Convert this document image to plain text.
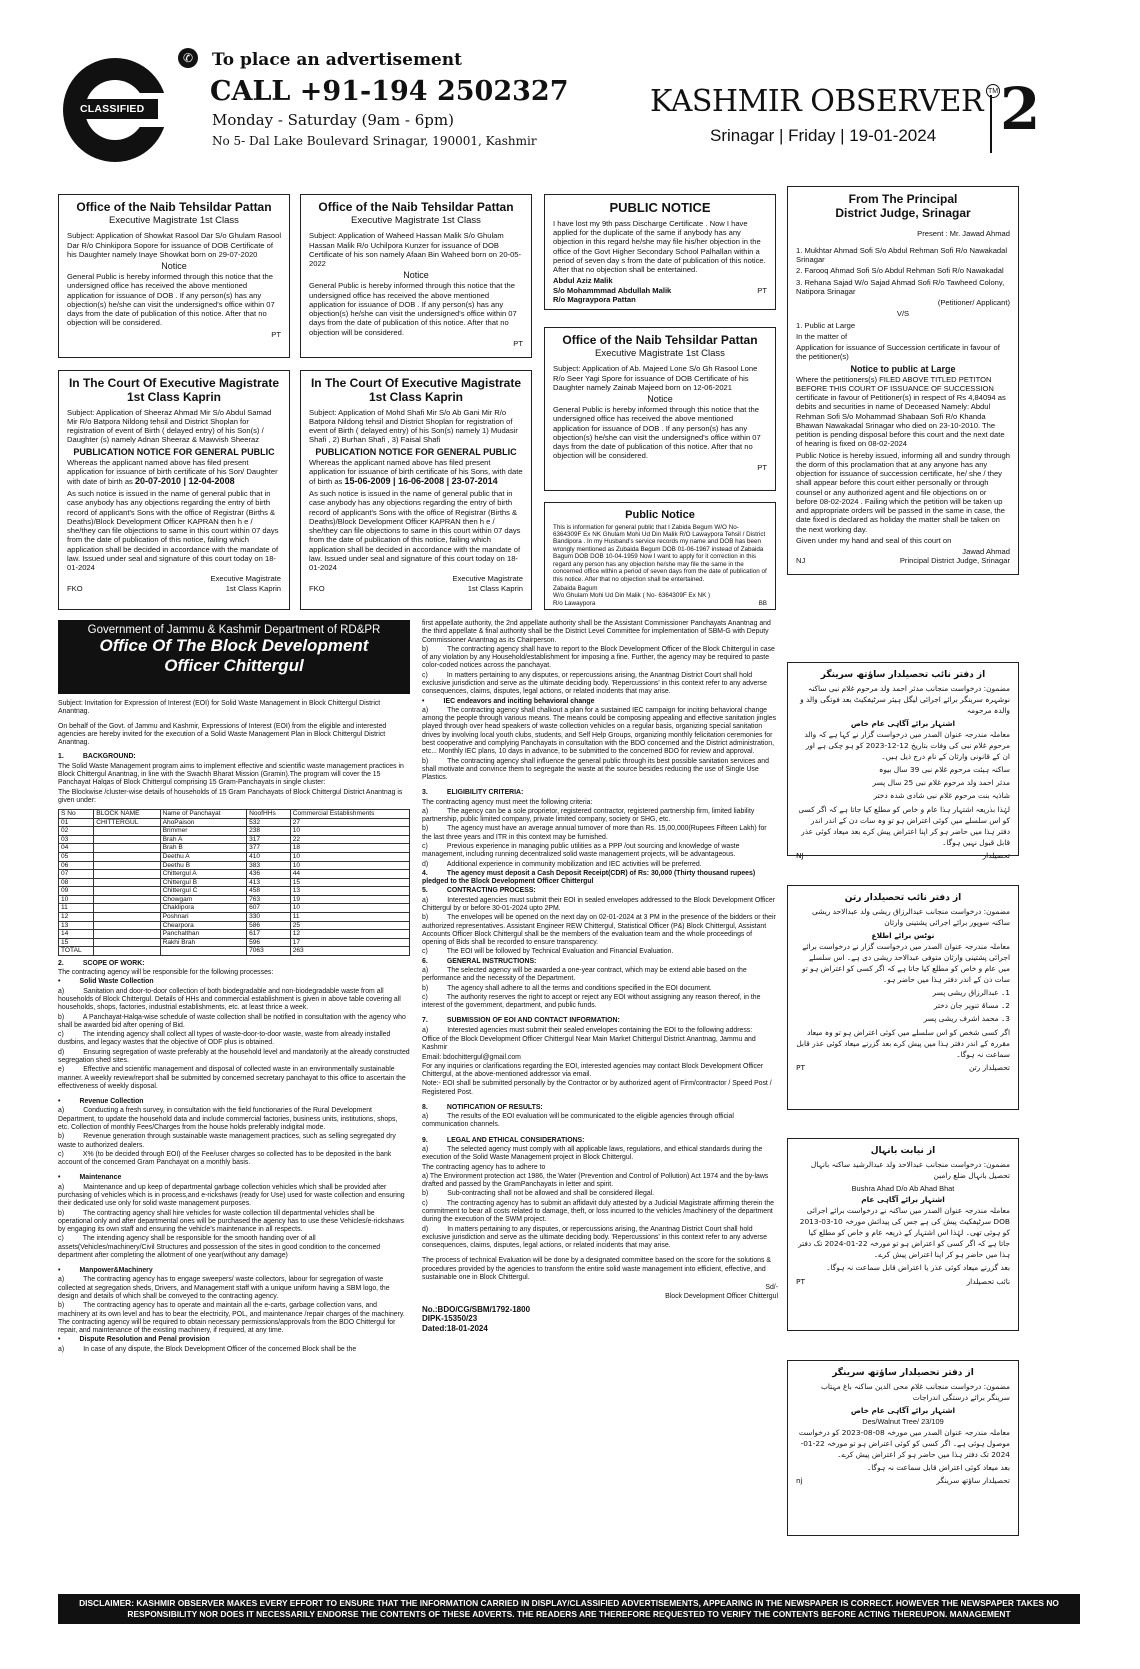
CLASSIFIED
✆ To place an advertisement
CALL +91-194 2502327
Monday - Saturday (9am - 6pm)
No 5- Dal Lake Boulevard Srinagar, 190001, Kashmir
KASHMIR OBSERVER TM
Srinagar | Friday | 19-01-2024 2
Office of the Naib Tehsildar Pattan
Executive Magistrate 1st Class

Subject: Application of Showkat Rasool Dar S/o Ghulam Rasool Dar R/o Chinkipora Sopore for issuance of DOB Certificate of his Daughter namely Inaye Showkat born on 29-07-2020

Notice

General Public is hereby informed through this notice that the undersigned office has received the above mentioned application for issuance of DOB . If any person(s) has any objection(s) he/she can visit the undersigned's office within 07 days from the date of publication of this notice. After that no objection will be considered.

PT
Office of the Naib Tehsildar Pattan
Executive Magistrate 1st Class

Subject: Application of Waheed Hassan Malik S/o Ghulam Hassan Malik R/o Uchilpora Kunzer for issuance of DOB Certificate of his son namely Afaan Bin Waheed born on 20-05-2022

Notice

General Public is hereby informed through this notice that the undersigned office has received the above mentioned application for issuance of DOB . If any person(s) has any objection(s) he/she can visit the undersigned's office within 07 days from the date of publication of this notice. After that no objection will be considered.

PT
PUBLIC NOTICE

I have lost my 9th pass Discharge Certificate . Now I have applied for the duplicate of the same if anybody has any objection in this regard he/she may file his/her objection in the office of the Govt Higher Secondary School Palhallan within a period of seven day s from the date of publication of this notice. After that no objection shall be entertained.

Abdul Aziz Malik
S/o Mohammmad Abdullah Malik	PT
R/o Magraypora Pattan
From The Principal
District Judge, Srinagar
Present : Mr. Jawad Ahmad

1. Mukhtar Ahmad Sofi S/o Abdul Rehman Sofi R/o Nawakadal Srinagar

2. Farooq Ahmad Sofi S/o Abdul Rehman Sofi R/o Nawakadal

3. Rehana Sajad W/o Sajad Ahmad Sofi R/o Tawheed Colony, Natipora Srinagar

(Petitioner/ Applicant)
V/S

1. Public at Large

In the matter of

Application for issuance of Succession certificate in favour of the petitioner(s)

Notice to public at Large

Where the petitioners(s) FILED ABOVE TITLED PETITON BEFORE THIS COURT OF ISSUANCE OF SUCCESSION certificate in favour of Petitioner(s) in respect of Rs 4,84094 as debits and securities in name of Deceased Namely: Abdul Rehman Sofi S/o Mohammad Shabaan Sofi R/o Khanda Bhawan Nawakadal Srinagar who died on 23-10-2010. The petition is pending disposal before this court and the next date of hearing is fixed on 08-02-2024

Public Notice is hereby issued, informing all and sundry through the dorm of this proclamation that at any anyone has any objection for issuance of succession certificate, he/ she / they shall appear before this court either personally or through counsel or any authorized agent and file objections on or before 08-02-2024 . Failing which the petition will be taken up and appropriate orders will be passed in the same in case, the date fixed is declared as holiday the matter shall be taken on the next working day.

Given under my hand and seal of this court on

Jawad Ahmad
NJ	Principal District Judge, Srinagar
Office of the Naib Tehsildar Pattan
Executive Magistrate 1st Class

Subject: Application of Ab. Majeed Lone S/o Gh Rasool Lone R/o Seer Yagi Spore for issuance of DOB Certificate of his Daughter namely Zainab Majeed born on 12-06-2021

Notice

General Public is hereby informed through this notice that the undersigned office has received the above mentioned application for issuance of DOB . If any person(s) has any objection(s) he/she can visit the undersigned's office within 07 days from the date of publication of this notice. After that no objection will be considered.

PT
In The Court Of Executive Magistrate 1st Class Kaprin

Subject: Application of Sheeraz Ahmad Mir S/o Abdul Samad Mir R/o Batpora Nildong tehsil and District Shoplan for registration of event of Birth ( delayed entry) of his Son(s) / Daughter (s) namely Adnan Sheeraz & Mawvish Sheeraz

PUBLICATION NOTICE FOR GENERAL PUBLIC

Whereas the applicant named above has filed present application for issuance of birth certificate of his Son/ Daughter with date of birth as 20-07-2010 | 12-04-2008

As such notice is issued in the name of general public that in case anybody has any objections regarding the entry of birth record of applicant's Sons with the office of Registrar (Births & Deaths)/Block Development Officer KAPRAN then h e / she/they can file objections to same in this court within 07 days from the date of publication of this notice, failing which application shall be decided in accordance with the mandate of law. Issued under seal and signature of this court today on 18-01-2024

Executive Magistrate
FKO	1st Class Kaprin
In The Court Of Executive Magistrate 1st Class Kaprin

Subject: Application of Mohd Shafi Mir S/o Ab Gani Mir R/o Batpora Nildong tehsil and District Shoplan for registration of event of Birth ( delayed entry) of his Son(s) namely 1) Mudasir Shafi , 2) Burhan Shafi , 3) Faisal Shafi

PUBLICATION NOTICE FOR GENERAL PUBLIC

Whereas the applicant named above has filed present application for issuance of birth certificate of his Sons, with date of birth as 15-06-2009 | 16-06-2008 | 23-07-2014

As such notice is issued in the name of general public that in case anybody has any objections regarding the entry of birth record of applicant's Sons with the office of Registrar (Births & Deaths)/Block Development Officer KAPRAN then h e / she/they can file objections to same in this court within 07 days from the date of publication of this notice, failing which application shall be decided in accordance with the mandate of law. Issued under seal and signature of this court today on 18-01-2024

Executive Magistrate
FKO	1st Class Kaprin
Public Notice

This is information for general public that I Zabida Begum W/O No- 6364309F Ex NK Ghulam Mohi Ud Din Malik R/O Lawaypora Tehsil / District Bandipora . In my Husband's service records my name and DOB has been wrongly mentioned as Zubaida Begum DOB 01-06-1967 instead of Zabaida Bagum DOB DOB 10-04-1959 Now I want to apply for it correction in this regard any person has any objection he/she may file the same in the concerned office within a period of seven days from the date of publication of this notice. After that no objection shall be entertained.

Zabaida Bagum
W/o Ghulam Mohi Ud Din Malik ( No- 6364309F Ex NK )
R/o Lawaypora	BB
Government of Jammu & Kashmir Department of RD&PR
Office Of The Block Development
Officer Chittergul

Subject: Invitation for Expression of Interest (EOI) for Solid Waste Management in Block Chittergul District Anantnag.

On behalf of the Govt. of Jammu and Kashmir, Expressions of Interest (EOI) from the eligible and interested agencies are hereby invited for the execution of a Solid Waste Management Plan in Block Chittergul District Anantnag.

1.          BACKGROUND:

The Solid Waste Management program aims to implement effective and scientific waste management practices in Block Chittergul Anantnag, in line with the Swachh Bharat Mission (Gramin).The program will cover the 15 Panchayat Halqas of Block Chittergul comprising 15 Gram-Panchayats in single cluster:

The Blockwise /cluster-wise details of households of 15 Gram Panchayats of Block Chittergul District Anantnag is given under:

S No	BLOCK NAME	Name of Panchayat	NoofHHs	Commercial Establishments
01	CHITTERGUL	AhoPaison	532	27
02		Brimmer	238	10
03		Brah A	317	22
04		Brah B	377	18
05		Deethu A	410	10
06		Deethu B	383	10
07		Chittergul A	436	44
08		Chittergul B	413	15
09		Chittergul C	458	13
10		Chowgam	763	19
11		Chaklipora	607	10
12		Poshnari	330	11
13		Chearpora	586	25
14		Panchalthan	617	12
15		Rakhi Brah	596	17
TOTAL			7063	263

2.          SCOPE OF WORK:

The contracting agency will be responsible for the following processes:

•          Solid Waste Collection

a)          Sanitation and door-to-door collection of both biodegradable and non-biodegradable waste from all households of Block Chittergul. Details of HHs and commercial establishment is given in above table covering all households, shops, factories, industrial establishments, etc. at least thrice a week.

b)          A Panchayat-Halqa-wise schedule of waste collection shall be notified in consultation with the agency who shall be awarded bid after opening of Bid.

c)          The intending agency shall collect all types of waste-door-to-door waste, waste from already installed dustbins, and legacy wastes that the objective of ODF plus is obtained.

d)          Ensuring segregation of waste preferably at the household level and mandatorily at the already constructed segregation shed sites.

e)          Effective and scientific management and disposal of collected waste in an environmentally sustainable manner. A weekly review/report shall be submitted by concerned secretary panchayat to this office to ascertain the effectiveness of weekly disposal.

•          Revenue Collection

a)          Conducting a fresh survey, in consultation with the field functionaries of the Rural Development Department, to update the household data and include commercial factories, business units, institutions, shops, etc. Collection of monthly Fees/Charges from the house holds preferably indigital mode.

b)          Revenue generation through sustainable waste management practices, such as selling segregated dry waste to authorized dealers.

c)          X% (to be decided through EOI) of the Fee/user charges so collected has to be deposited in the bank account of the concerned Gram Panchayat on a monthly basis.

•          Maintenance

a)          Maintenance and up keep of departmental garbage collection vehicles which shall be provided after purchasing of vehicles which is in process,and e-rickshaws (ready for Use) used for waste collection and ensuring their dedicated use only for solid waste management purposes.

b)          The contracting agency shall hire vehicles for waste collection till departmental vehicles shall be operational only and after departmental ones will be purchased the agency has to use these Vehicles/e-rickshaws by engaging its own staff and ensuring the vehicle's maintenance in all respects.

c)          The intending agency shall be responsible for the smooth handing over of all assets(Vehicles/machinery/Civil Structures and possession of the sites in good condition to the concerned department after completing the allotment of one year(without any damage)

•          Manpower&Machinery

a)          The contracting agency has to engage sweepers/ waste collectors, labour for segregation of waste collected at segregation sheds, Drivers, and Management staff with a unique uniform having a SBM logo, the design and details of which shall be conveyed to the contracting agency.

b)          The contracting agency has to operate and maintain all the e-carts, garbage collection vans, and machinery at its own level and has to bear the electricity, POL, and maintenance /repair charges of the machinery. The contracting agency will be required to obtain necessary permissions/approvals from the BDO Chittergul for repair, and maintenance of the existing machinery, if required, at any time.

•          Dispute Resolution and Penal provision

a)          In case of any dispute, the Block Development Officer of the concerned Block shall be the

first appellate authority, the 2nd appellate authority shall be the Assistant Commissioner Panchayats Anantnag and the third appellate & final authority shall be the District Level Committee for implementation of SBM-G with Deputy Commissioner Anantnag as its Chairperson.

b)          The contracting agency shall have to report to the Block Development Officer of the Block Chittergul in case of any violation by any Household/establishment for imposing a fine. Further, the agency may be required to paste color-coded notices across the panchayat.

c)          In matters pertaining to any disputes, or repercussions arising, the Anantnag District Court shall hold exclusive jurisdiction and serve as the ultimate deciding body. 'Repercussions' in this context refer to any adverse consequences, claims, disputes, legal actions, or related incidents that may arise.

•          IEC endeavors and inciting behavioral change

a)          The contracting agency shall chalkout a plan for a sustained IEC campaign for inciting behavioral change among the people through various means. The means could be composing appealing and effective sanitation jingles played through over head speakers of waste collection vehicles on a regular basis, organizing special sanitation drives by involving local youth clubs, students, and Self Help Groups, organizing monthly felicitation ceremonies for best cooperative and complying Panchayats in consultation with the BDO concerned and the District administration, etc... Monthly IEC plans, 10 days in advance, to be submitted to the concerned BDO for review and approval.

b)          The contracting agency shall influence the general public through its best possible sanitation services and shall motivate and convince them to segregate the waste at the source besides reducing the use of Single Use Plastics.

3.          ELIGIBILITY CRITERIA:

The contracting agency must meet the following criteria:

a)          The agency can be a sole proprietor, registered contractor, registered partnership firm, limited liability partnership, public limited company, private limited company, society or SHG, etc.

b)          The agency must have an average annual turnover of more than Rs. 15,00,000(Rupees Fifteen Lakh) for the last three years and ITR in this context may be furnished.

c)          Previous experience in managing public utilities as a PPP /out sourcing and knowledge of waste management, including running decentralized solid waste management projects, will be advantageous.

d)          Additional experience in community mobilization and IEC activities will be preferred.

4.          The agency must deposit a Cash Deposit Receipt(CDR) of Rs: 30,000 (Thirty thousand rupees) pledged to the Block Development Officer Chittergul

5.          CONTRACTING PROCESS:

a)          Interested agencies must submit their EOI in sealed envelopes addressed to the Block Development Officer Chittergul by or before 30-01-2024 upto 2PM.

b)          The envelopes will be opened on the next day on 02-01-2024 at 3 PM in the presence of the bidders or their authorized representatives. Assistant Engineer REW Chittergul, Statistical Officer (P&) Block Chittergul, Assistant Accounts Officer Block Chittergul shall be the members of the evaluation team and the whole proceedings of opening of Bids shall be recorded to ensure transparency.

c)          The EOI will be followed by Technical Evaluation and Financial Evaluation.

6.          GENERAL INSTRUCTIONS:

a)          The selected agency will be awarded a one-year contract, which may be extend able based on the performance and the necessity of the Department.

b)          The agency shall adhere to all the terms and conditions specified in the EOI document.

c)          The authority reserves the right to accept or reject any EOI without assigning any reason thereof, in the interest of the government, department, and public funds.

7.          SUBMISSION OF EOI AND CONTACT INFORMATION:

a)          Interested agencies must submit their sealed envelopes containing the EOI to the following address:

Office of the Block Development Officer Chittergul Near Main Market Chittergul District Anantnag, Jammu and Kashmir

Email: bdochittergul@gmail.com

For any inquiries or clarifications regarding the EOI, interested agencies may contact Block Development Officer Chittergul, at the above-mentioned addressor via email.

Note:- EOI shall be submitted personally by the Contractor or by authorized agent of Firm/contractor / Speed Post / Registered Post.

8.          NOTIFICATION OF RESULTS:

a)          The results of the EOI evaluation will be communicated to the eligible agencies through official communication channels.

9.          LEGAL AND ETHICAL CONSIDERATIONS:

a)          The selected agency must comply with all applicable laws, regulations, and ethical standards during the execution of the Solid Waste Management project in Block Chittergul.

The contracting agency has to adhere to

a) The Environment protection act 1986, the Water (Prevention and Control of Pollution) Act 1974 and the by-laws drafted and passed by the GramPanchayats in letter and spirit.

b)          Sub-contracting shall not be allowed and shall be considered illegal.

c)          The contracting agency has to submit an affidavit duly attested by a Judicial Magistrate affirming therein the commitment to bear all costs related to damage, theft, or loss incurred to the vehicles /machinery of the department during the execution of the SWM project.

d)          In matters pertaining to any disputes, or repercussions arising, the Anantnag District Court shall hold exclusive jurisdiction and serve as the ultimate deciding body. 'Repercussions' in this context refer to any adverse consequences, claims, disputes, legal actions, or related incidents that may arise.

The process of technical Evaluation will be done by a designated committee based on the score for the solutions & procedures provided by the agencies to transform the entire solid waste management into efficient, effective, and sustainable one in Block Chittergul.

Sd/-
Block Development Officer Chittergul
No.:BDO/CG/SBM/1792-1800
DIPK-15350/23
Dated:18-01-2024
از دفتر نائب تحصیلدار ساؤتھ سرینگر

مضمون: درخواست منجانب مدثر احمد ولد مرحوم غلام نبی ساکنہ نوشہرہ سرینگر برائے اجرائی لیگل ہیئر سرٹیفکیٹ بعد فوتگی والد و والدہ مرحومہ

اشتہار برائے آگاہی عام خاص

معاملہ مندرجہ عنوان الصدر میں درخواست گزار نے کہا ہے کہ والد مرحوم غلام نبی کی وفات بتاریخ 12-12-2023 کو ہو چکی ہے اور ان کے قانونی وارثان کے نام درج ذیل ہیں۔

ساکنہ ہیئت مرحوم غلام نبی 39 سال بیوہ

مدثر احمد ولد مرحوم غلام نبی 25 سال پسر

شاذیہ بنت مرحوم غلام نبی شادی شدہ دختر

لہٰذا بذریعہ اشتہار ہذا عام و خاص کو مطلع کیا جاتا ہے کہ اگر کسی کو اس سلسلے میں کوئی اعتراض ہو تو وہ سات دن کے اندر اندر دفتر ہذا میں حاضر ہو کر اپنا اعتراض پیش کرے بعد میعاد کوئی عذر قابل قبول نہیں ہوگا۔

تحصیلدار
NJ
از دفتر نائب تحصیلدار رتن

مضمون: درخواست منجانب عبدالرزاق ریشی ولد عبدالاحد ریشی ساکنہ سوپور برائے اجرائی پشتینی وارثان

نوٹس برائے اطلاع

معاملہ مندرجہ عنوان الصدر میں درخواست گزار نے درخواست برائے اجرائی پشتینی وارثان متوفی عبدالاحد ریشی دی ہے۔ اس سلسلے میں عام و خاص کو مطلع کیا جاتا ہے کہ اگر کسی کو اعتراض ہو تو سات دن کے اندر دفتر ہذا میں حاضر ہو۔

1۔ عبدالرزاق ریشی پسر

2۔ مساۃ تنویر جان دختر

3۔ محمد اشرف ریشی پسر

اگر کسی شخص کو اس سلسلے میں کوئی اعتراض ہو تو وہ میعاد مقررہ کے اندر دفتر ہذا میں پیش کرے بعد گزرنے میعاد کوئی عذر قابل سماعت نہ ہوگا۔

تحصیلدار رتن
PT
از نیابت بانہال

مضمون: درخواست منجانب عبدالاحد ولد عبدالرشید ساکنہ بانہال تحصیل بانہال ضلع رامبن

Bushra Ahad D/o Ab Ahad Bhat
اشتہار برائے آگاہی عام

معاملہ مندرجہ عنوان الصدر میں ساکنہ نے درخواست برائے اجرائی DOB سرٹیفکیٹ پیش کی ہے جس کی پیدائش مورخہ 10-03-2013 کو ہوئی تھی۔ لہٰذا اس اشتہار کے ذریعہ عام و خاص کو مطلع کیا جاتا ہے کہ اگر کسی کو اعتراض ہو تو مورخہ 22-01-2024 تک دفتر ہذا میں حاضر ہو کر اپنا اعتراض پیش کرے۔

بعد گزرنے میعاد کوئی عذر یا اعتراض قابل سماعت نہ ہوگا۔

نائب تحصیلدار
PT
از دفتر تحصیلدار ساؤتھ سرینگر

مضمون: درخواست منجانب غلام محی الدین ساکنہ باغ مہتاب سرینگر برائے درستگی اندراجات

اشتہار برائے آگاہی عام خاص
Des/Walnut Tree/ 23/109

معاملہ مندرجہ عنوان الصدر میں مورخہ 08-08-2023 کو درخواست موصول ہوئی ہے۔ اگر کسی کو کوئی اعتراض ہو تو مورخہ 22-01-2024 تک دفتر ہذا میں حاضر ہو کر اعتراض پیش کرے۔

بعد میعاد کوئی اعتراض قابل سماعت نہ ہوگا۔

تحصیلدار ساؤتھ سرینگر
nj
DISCLAIMER: KASHMIR OBSERVER MAKES EVERY EFFORT TO ENSURE THAT THE INFORMATION CARRIED IN DISPLAY/CLASSIFIED ADVERTISEMENTS, APPEARING IN THE NEWSPAPER IS CORRECT. HOWEVER THE NEWSPAPER TAKES NO RESPONSIBILITY NOR DOES IT NECESSARILY ENDORSE THE CONTENTS OF THESE ADVERTS. THE READERS ARE THEREFORE REQUESTED TO VERIFY THE CONTENTS BEFORE ACTING THEREUPON. MANAGEMENT
